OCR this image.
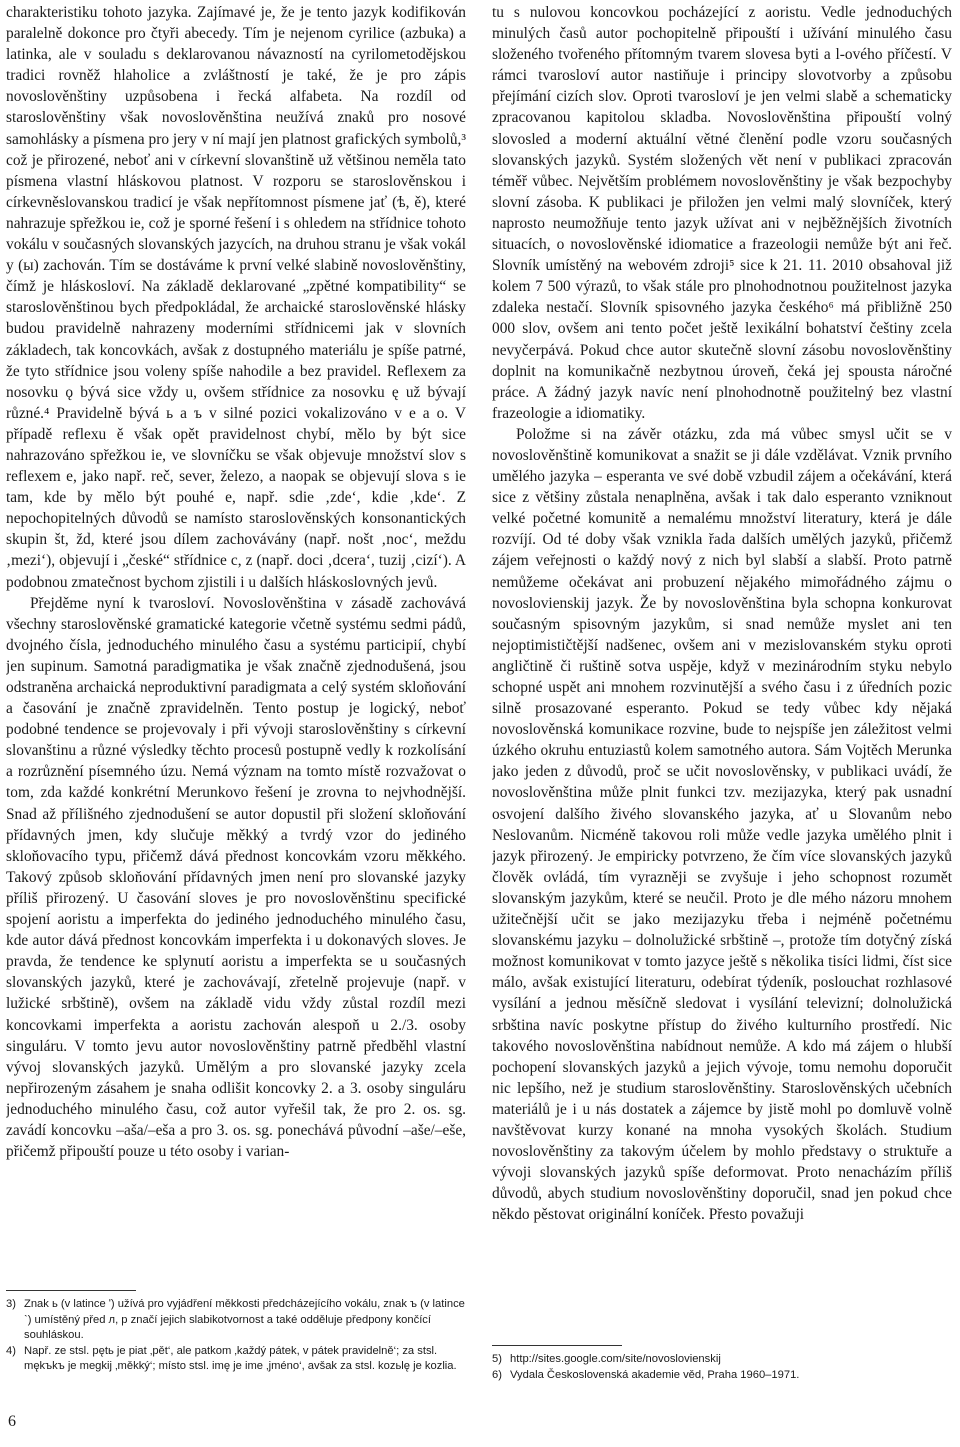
charakteristiku tohoto jazyka. Zajímavé je, že je tento jazyk kodifikován paralelně dokonce pro čtyři abecedy. Tím je nejenom cyrilice (azbuka) a latinka, ale v souladu s deklarovanou návazností na cyrilometodějskou tradici rovněž hlaholice a zvláštností je také, že je pro zápis novoslověnštiny uzpůsobena i řecká alfabeta. Na rozdíl od staroslověnštiny však novoslověnština neužívá znaků pro nosové samohlásky a písmena pro jery v ní mají jen platnost grafických symbolů,³ což je přirozené, neboť ani v církevní slovanštině už většinou neměla tato písmena vlastní hláskovou platnost. V rozporu se staroslověnskou i církevněslovanskou tradicí je však nepřítomnost písmene jať (ѣ, ě), které nahrazuje spřežkou ie, což je sporné řešení i s ohledem na střídnice tohoto vokálu v současných slovanských jazycích, na druhou stranu je však vokál y (ы) zachován. Tím se dostáváme k první velké slabině novoslověnštiny, čímž je hláskosloví. Na základě deklarované „zpětné kompatibility“ se staroslověnštinou bych předpokládal, že archaické staroslověnské hlásky budou pravidelně nahrazeny moderními střídnicemi jak v slovních základech, tak koncovkách, avšak z dostupného materiálu je spíše patrné, že tyto střídnice jsou voleny spíše nahodile a bez pravidel. Reflexem za nosovku ǫ bývá sice vždy u, ovšem střídnice za nosovku ę už bývají různé.⁴ Pravidelně bývá ь a ъ v silné pozici vokalizováno v e a o. V případě reflexu ě však opět pravidelnost chybí, mělo by být sice nahrazováno spřežkou ie, ve slovníčku se však objevuje množství slov s reflexem e, jako např. reč, sever, železo, a naopak se objevují slova s ie tam, kde by mělo být pouhé e, např. sdie ‚zde‘, kdie ‚kde‘. Z nepochopitelných důvodů se namísto staroslověnských konsonantických skupin št, žd, které jsou dílem zachovávány (např. nošt ‚noc‘, meždu ‚mezi‘), objevují i „české“ střídnice c, z (např. doci ‚dcera‘, tuzij ‚cizí‘). A podobnou zmatečnost bychom zjistili i u dalších hláskoslovných jevů.

Přejděme nyní k tvarosloví. Novoslověnština v zásadě zachovává všechny staroslověnské gramatické kategorie včetně systému sedmi pádů, dvojného čísla, jednoduchého minulého času a systému participií, chybí jen supinum. Samotná paradigmatika je však značně zjednodušená, jsou odstraněna archaická neproduktivní paradigmata a celý systém skloňování a časování je značně zpravidelněn. Tento postup je logický, neboť podobné tendence se projevovaly i při vývoji staroslověnštiny s církevní slovanštinu a různé výsledky těchto procesů postupně vedly k rozkolísání a rozrůznění písemného úzu. Nemá význam na tomto místě rozvažovat o tom, zda každé konkrétní Merunkovo řešení je zrovna to nejvhodnější. Snad až přílišného zjednodušení se autor dopustil při složení skloňování přídavných jmen, kdy slučuje měkký a tvrdý vzor do jediného skloňovacího typu, přičemž dává přednost koncovkám vzoru měkkého. Takový způsob skloňování přídavných jmen není pro slovanské jazyky příliš přirozený. U časování sloves je pro novoslověnštinu specifické spojení aoristu a imperfekta do jediného jednoduchého minulého času, kde autor dává přednost koncovkám imperfekta i u dokonavých sloves. Je pravda, že tendence ke splynutí aoristu a imperfekta se u současných slovanských jazyků, které je zachovávají, zřetelně projevuje (např. v lužické srbštině), ovšem na základě vidu vždy zůstal rozdíl mezi koncovkami imperfekta a aoristu zachován alespoň u 2./3. osoby singuláru. V tomto jevu autor novoslověnštiny patrně předběhl vlastní vývoj slovanských jazyků. Umělým a pro slovanské jazyky zcela nepřirozeným zásahem je snaha odlišit koncovky 2. a 3. osoby singuláru jednoduchého minulého času, což autor vyřešil tak, že pro 2. os. sg. zavádí koncovku –aša/–eša a pro 3. os. sg. ponechává původní –aše/–eše, přičemž připouští pouze u této osoby i varian-

3) Znak ь (v latince ʹ) užívá pro vyjádření měkkosti předcházejícího vokálu, znak ъ (v latince ˋ) umístěný před л, р značí jejich slabikotvornost a také odděluje předpony končící souhláskou.
4) Např. ze stsl. pętь je piat ‚pět‘, ale patkom ‚každý pátek, v pátek pravidelně‘; za stsl. mękъkъ je megkij ‚měkký‘; místo stsl. imę je ime ‚jméno‘, avšak za stsl. kozьlę je kozlia.

tu s nulovou koncovkou pocházející z aoristu. Vedle jednoduchých minulých časů autor pochopitelně připouští i užívání minulého času složeného tvořeného přítomným tvarem slovesa byti a l-ového příčestí. V rámci tvarosloví autor nastiňuje i principy slovotvorby a způsobu přejímání cizích slov. Oproti tvarosloví je jen velmi slabě a schematicky zpracovanou kapitolou skladba. Novoslověnština připouští volný slovosled a moderní aktuální větné členění podle vzoru současných slovanských jazyků. Systém složených vět není v publikaci zpracován téměř vůbec. Největším problémem novoslověnštiny je však bezpochyby slovní zásoba. K publikaci je přiložen jen velmi malý slovníček, který naprosto neumožňuje tento jazyk užívat ani v nejběžnějších životních situacích, o novoslověnské idiomatice a frazeologii nemůže být ani řeč. Slovník umístěný na webovém zdroji⁵ sice k 21. 11. 2010 obsahoval již kolem 7 500 výrazů, to však stále pro plnohodnotnou použitelnost jazyka zdaleka nestačí. Slovník spisovného jazyka českého⁶ má přibližně 250 000 slov, ovšem ani tento počet ještě lexikální bohatství češtiny zcela nevyčerpává. Pokud chce autor skutečně slovní zásobu novoslověnštiny doplnit na komunikačně nezbytnou úroveň, čeká jej spousta náročné práce. A žádný jazyk navíc není plnohodnotně použitelný bez vlastní frazeologie a idiomatiky.

Položme si na závěr otázku, zda má vůbec smysl učit se v novoslověnštině komunikovat a snažit se ji dále vzdělávat. Vznik prvního umělého jazyka – esperanta ve své době vzbudil zájem a očekávání, která sice z většiny zůstala nenaplněna, avšak i tak dalo esperanto vzniknout velké početné komunitě a nemalému množství literatury, která je dále rozvíjí. Od té doby však vznikla řada dalších umělých jazyků, přičemž zájem veřejnosti o každý nový z nich byl slabší a slabší. Proto patrně nemůžeme očekávat ani probuzení nějakého mimořádného zájmu o novoslovienskij jazyk. Že by novoslověnština byla schopna konkurovat současným spisovným jazykům, si snad nemůže myslet ani ten nejoptimističtější nadšenec, ovšem ani v mezislovanském styku oproti angličtině či ruštině sotva uspěje, když v mezinárodním styku nebylo schopné uspět ani mnohem rozvinutější a svého času i z úředních pozic silně prosazované esperanto. Pokud se tedy vůbec kdy nějaká novoslověnská komunikace rozvine, bude to nejspíše jen záležitost velmi úzkého okruhu entuziastů kolem samotného autora. Sám Vojtěch Merunka jako jeden z důvodů, proč se učit novoslověnsky, v publikaci uvádí, že novoslověnština může plnit funkci tzv. mezijazyka, který pak usnadní osvojení dalšího živého slovanského jazyka, ať u Slovanům nebo Neslovanům. Nicméně takovou roli může vedle jazyka umělého plnit i jazyk přirozený. Je empiricky potvrzeno, že čím více slovanských jazyků člověk ovládá, tím vyrazněji se zvyšuje i jeho schopnost rozumět slovanským jazykům, které se neučil. Proto je dle mého názoru mnohem užitečnější učit se jako mezijazyku třeba i nejméně početnému slovanskému jazyku – dolnolužické srbštině –, protože tím dotyčný získá možnost komunikovat v tomto jazyce ještě s několika tisíci lidmi, číst sice málo, avšak existující literaturu, odebírat týdeník, poslouchat rozhlasové vysílání a jednou měsíčně sledovat i vysílání televizní; dolnolužická srbština navíc poskytne přístup do živého kulturního prostředí. Nic takového novoslověnština nabídnout nemůže. A kdo má zájem o hlubší pochopení slovanských jazyků a jejich vývoje, tomu nemohu doporučit nic lepšího, než je studium staroslověnštiny. Staroslověnských učebních materiálů je i u nás dostatek a zájemce by jistě mohl po domluvě volně navštěvovat kurzy konané na mnoha vysokých školách. Studium novoslověnštiny za takovým účelem by mohlo představy o struktuře a vývoji slovanských jazyků spíše deformovat. Proto nenacházím příliš důvodů, abych studium novoslověnštiny doporučil, snad jen pokud chce někdo pěstovat originální koníček. Přesto považuji

5) http://sites.google.com/site/novoslovienskij
6) Vydala Československá akademie věd, Praha 1960–1971.
6
